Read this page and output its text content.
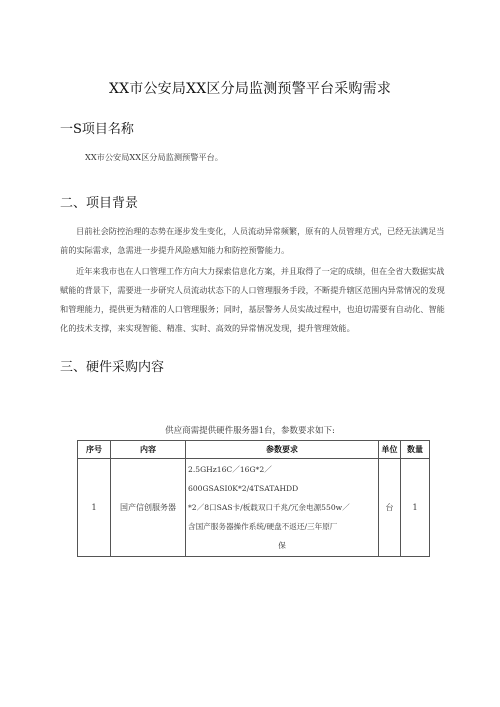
XX市公安局XX区分局监测预警平台采购需求
一S项目名称
XX市公安局XX区分局监测预警平台。
二、项目背景
目前社会防控治理的态势在逐步发生变化，人员流动异常频繁，原有的人员管理方式，已经无法满足当前的实际需求，急需进一步提升风险感知能力和防控预警能力。
近年来我市也在人口管理工作方向大力探索信息化方案，并且取得了一定的成绩，但在全省大数据实战赋能的背景下，需要进一步研究人员流动状态下的人口管理服务手段，不断提升辖区范围内异常情况的发现和管理能力，提供更为精准的人口管理服务；同时，基层警务人员实战过程中，也迫切需要有自动化、智能化的技术支撑，来实现智能、精准、实时、高效的异常情况发现，提升管理效能。
三、硬件采购内容
供应商需提供硬件服务器1台，参数要求如下:
序号	内容	参数要求	单位	数量
1	国产信创服务器	2.5GHz16C／16G*2／600GSASI0K*2/4TSATAHDD
*2／8口SAS卡/板载双口千兆/冗余电源550w／
含国产服务器操作系统/硬盘不返还/三年原厂
保	台	1
